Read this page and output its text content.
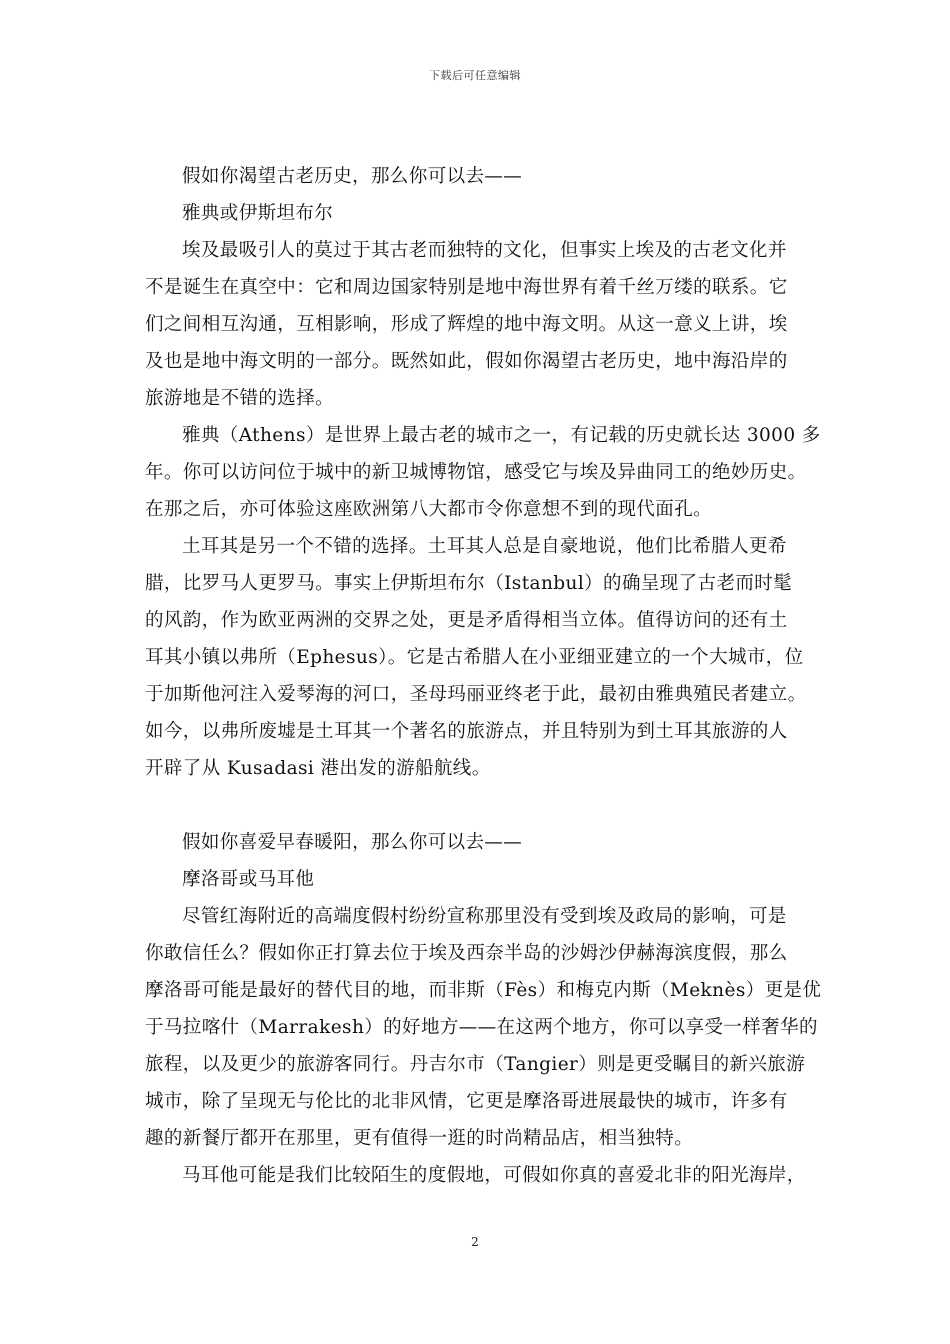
下载后可任意编辑
假如你渴望古老历史，那么你可以去——
雅典或伊斯坦布尔
埃及最吸引人的莫过于其古老而独特的文化，但事实上埃及的古老文化并
不是诞生在真空中：它和周边国家特别是地中海世界有着千丝万缕的联系。它
们之间相互沟通，互相影响，形成了辉煌的地中海文明。从这一意义上讲，埃
及也是地中海文明的一部分。既然如此，假如你渴望古老历史，地中海沿岸的
旅游地是不错的选择。
雅典（Athens）是世界上最古老的城市之一，有记载的历史就长达 3000 多
年。你可以访问位于城中的新卫城博物馆，感受它与埃及异曲同工的绝妙历史。
在那之后，亦可体验这座欧洲第八大都市令你意想不到的现代面孔。
土耳其是另一个不错的选择。土耳其人总是自豪地说，他们比希腊人更希
腊，比罗马人更罗马。事实上伊斯坦布尔（Istanbul）的确呈现了古老而时髦
的风韵，作为欧亚两洲的交界之处，更是矛盾得相当立体。值得访问的还有土
耳其小镇以弗所（Ephesus）。它是古希腊人在小亚细亚建立的一个大城市，位
于加斯他河注入爱琴海的河口，圣母玛丽亚终老于此，最初由雅典殖民者建立。
如今，以弗所废墟是土耳其一个著名的旅游点，并且特别为到土耳其旅游的人
开辟了从 Kusadasi 港出发的游船航线。
假如你喜爱早春暖阳，那么你可以去——
摩洛哥或马耳他
尽管红海附近的高端度假村纷纷宣称那里没有受到埃及政局的影响，可是
你敢信任么？假如你正打算去位于埃及西奈半岛的沙姆沙伊赫海滨度假，那么
摩洛哥可能是最好的替代目的地，而非斯（Fès）和梅克内斯（Meknès）更是优
于马拉喀什（Marrakesh）的好地方——在这两个地方，你可以享受一样奢华的
旅程，以及更少的旅游客同行。丹吉尔市（Tangier）则是更受瞩目的新兴旅游
城市，除了呈现无与伦比的北非风情，它更是摩洛哥进展最快的城市，许多有
趣的新餐厅都开在那里，更有值得一逛的时尚精品店，相当独特。
马耳他可能是我们比较陌生的度假地，可假如你真的喜爱北非的阳光海岸，
2
